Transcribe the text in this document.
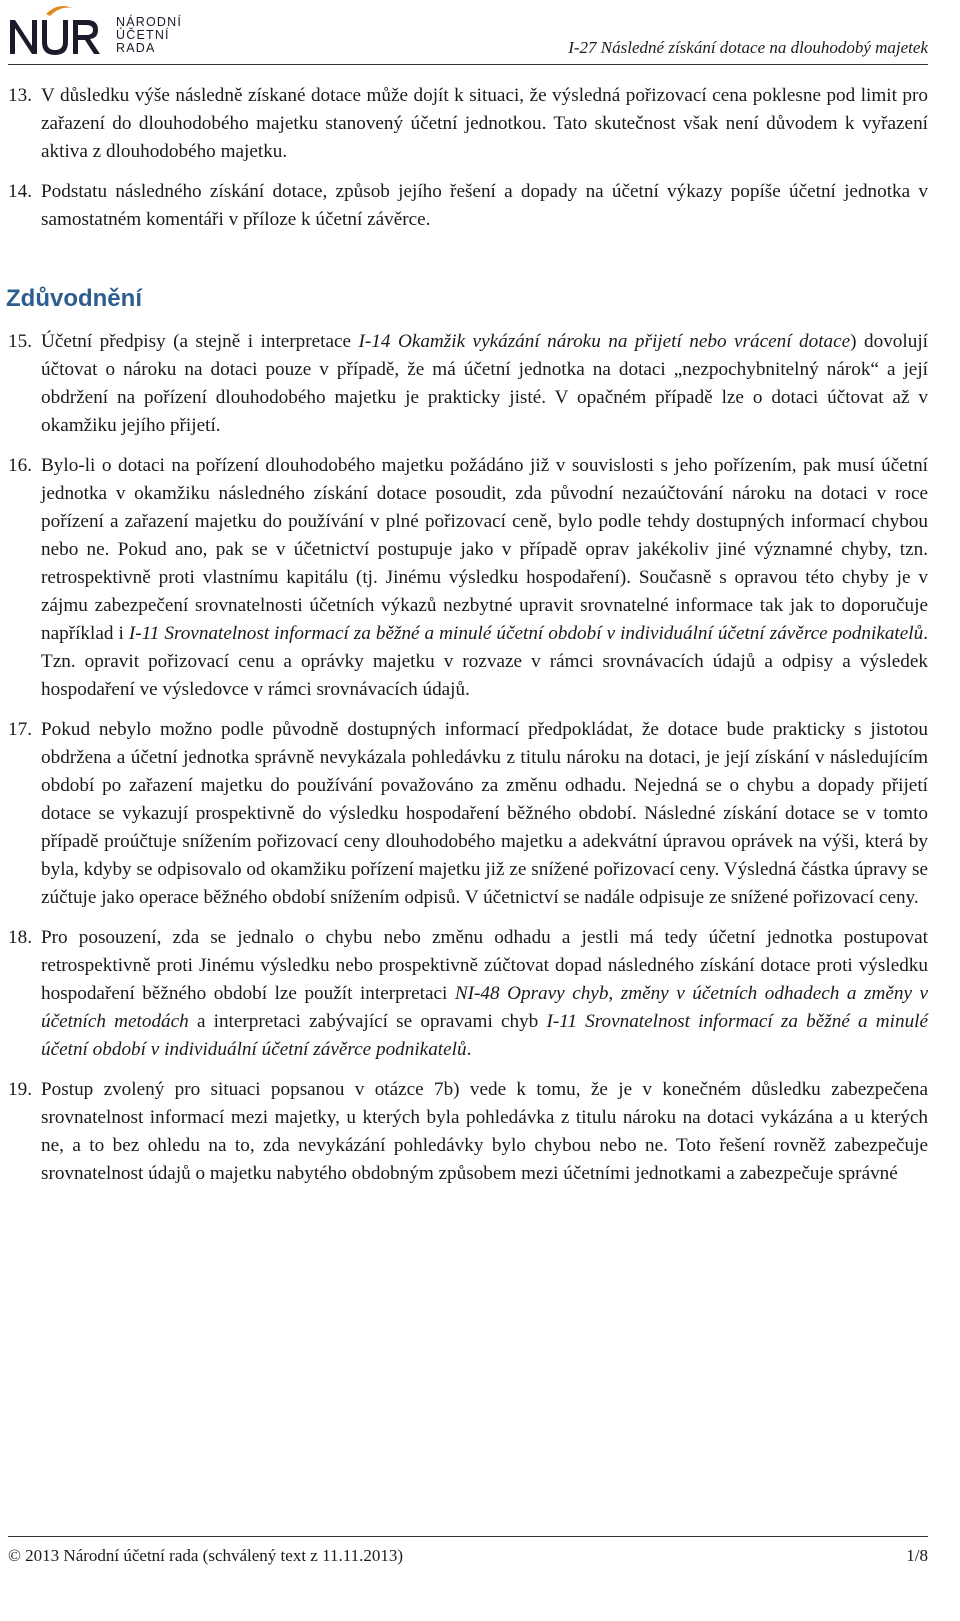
NÁRODNÍ
ÚČETNÍ
RADA	I-27 Následné získání dotace na dlouhodobý majetek

13. V důsledku výše následně získané dotace může dojít k situaci, že výsledná pořizovací cena poklesne pod limit pro zařazení do dlouhodobého majetku stanovený účetní jednotkou. Tato skutečnost však není důvodem k vyřazení aktiva z dlouhodobého majetku.

14. Podstatu následného získání dotace, způsob jejího řešení a dopady na účetní výkazy popíše účetní jednotka v samostatném komentáři v příloze k účetní závěrce.

Zdůvodnění

15. Účetní předpisy (a stejně i interpretace I-14 Okamžik vykázání nároku na přijetí nebo vrácení dotace) dovolují účtovat o nároku na dotaci pouze v případě, že má účetní jednotka na dotaci „nezpochybnitelný nárok“ a její obdržení na pořízení dlouhodobého majetku je prakticky jisté. V opačném případě lze o dotaci účtovat až v okamžiku jejího přijetí.

16. Bylo-li o dotaci na pořízení dlouhodobého majetku požádáno již v souvislosti s jeho pořízením, pak musí účetní jednotka v okamžiku následného získání dotace posoudit, zda původní nezaúčtování nároku na dotaci v roce pořízení a zařazení majetku do používání v plné pořizovací ceně, bylo podle tehdy dostupných informací chybou nebo ne. Pokud ano, pak se v účetnictví postupuje jako v případě oprav jakékoliv jiné významné chyby, tzn. retrospektivně proti vlastnímu kapitálu (tj. Jinému výsledku hospodaření). Současně s opravou této chyby je v zájmu zabezpečení srovnatelnosti účetních výkazů nezbytné upravit srovnatelné informace tak jak to doporučuje například i I-11 Srovnatelnost informací za běžné a minulé účetní období v individuální účetní závěrce podnikatelů. Tzn. opravit pořizovací cenu a oprávky majetku v rozvaze v rámci srovnávacích údajů a odpisy a výsledek hospodaření ve výsledovce v rámci srovnávacích údajů.

17. Pokud nebylo možno podle původně dostupných informací předpokládat, že dotace bude prakticky s jistotou obdržena a účetní jednotka správně nevykázala pohledávku z titulu nároku na dotaci, je její získání v následujícím období po zařazení majetku do používání považováno za změnu odhadu. Nejedná se o chybu a dopady přijetí dotace se vykazují prospektivně do výsledku hospodaření běžného období. Následné získání dotace se v tomto případě proúčtuje snížením pořizovací ceny dlouhodobého majetku a adekvátní úpravou oprávek na výši, která by byla, kdyby se odpisovalo od okamžiku pořízení majetku již ze snížené pořizovací ceny. Výsledná částka úpravy se zúčtuje jako operace běžného období snížením odpisů. V účetnictví se nadále odpisuje ze snížené pořizovací ceny.

18. Pro posouzení, zda se jednalo o chybu nebo změnu odhadu a jestli má tedy účetní jednotka postupovat retrospektivně proti Jinému výsledku nebo prospektivně zúčtovat dopad následného získání dotace proti výsledku hospodaření běžného období lze použít interpretaci NI-48 Opravy chyb, změny v účetních odhadech a změny v účetních metodách a interpretaci zabývající se opravami chyb I-11 Srovnatelnost informací za běžné a minulé účetní období v individuální účetní závěrce podnikatelů.

19. Postup zvolený pro situaci popsanou v otázce 7b) vede k tomu, že je v konečném důsledku zabezpečena srovnatelnost informací mezi majetky, u kterých byla pohledávka z titulu nároku na dotaci vykázána a u kterých ne, a to bez ohledu na to, zda nevykázání pohledávky bylo chybou nebo ne. Toto řešení rovněž zabezpečuje srovnatelnost údajů o majetku nabytého obdobným způsobem mezi účetními jednotkami a zabezpečuje správné

© 2013 Národní účetní rada (schválený text z 11.11.2013)	1/8
